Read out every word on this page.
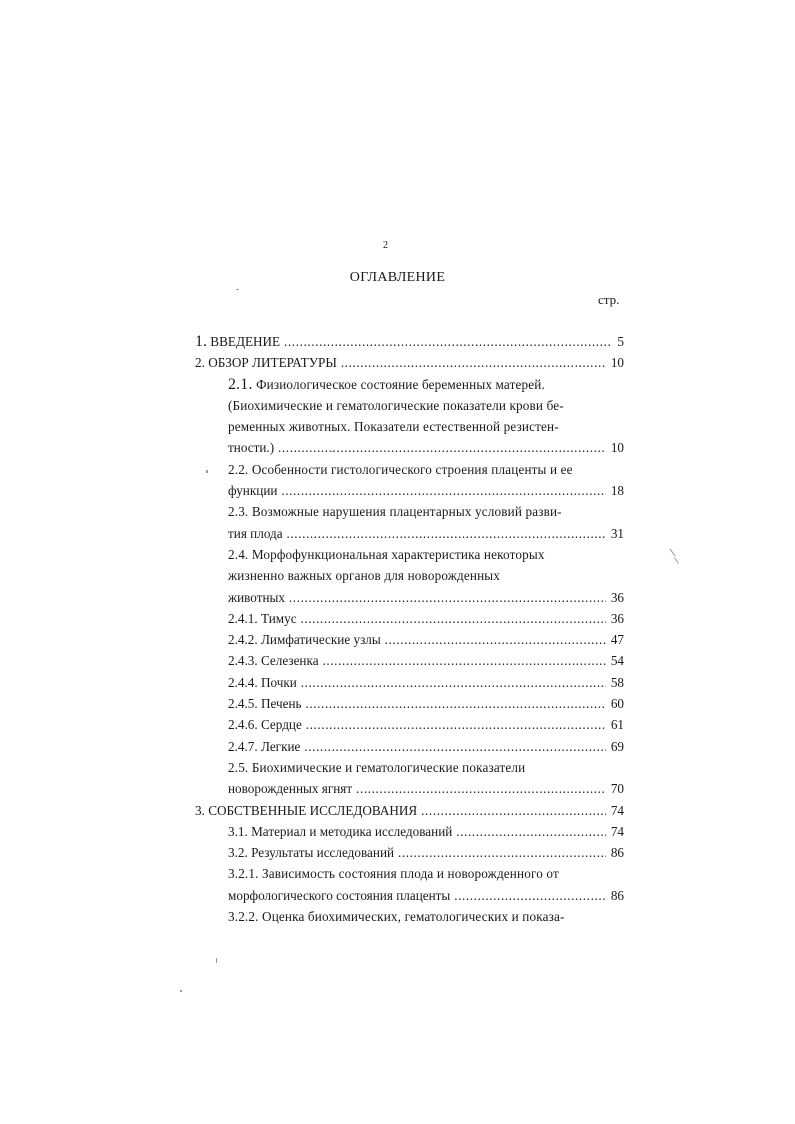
2
ОГЛАВЛЕНИЕ
стр.
1. ВВЕДЕНИЕ .....	5
2. ОБЗОР ЛИТЕРАТУРЫ .....	10
2.1. Физиологическое состояние беременных матерей.
(Биохимические и гематологические показатели крови бе-
ременных животных. Показатели естественной резистен-
тности.) .....	10
2.2. Особенности гистологического строения плаценты и ее
функции .....	18
2.3. Возможные нарушения плацентарных условий разви-
тия плода .....	31
2.4. Морфофункциональная характеристика некоторых
жизненно важных органов для новорожденных
животных .....	36
2.4.1. Тимус .....	36
2.4.2. Лимфатические узлы .....	47
2.4.3. Селезенка .....	54
2.4.4. Почки .....	58
2.4.5. Печень .....	60
2.4.6. Сердце .....	61
2.4.7. Легкие .....	69
2.5. Биохимические и гематологические показатели
новорожденных ягнят .....	70
3. СОБСТВЕННЫЕ ИССЛЕДОВАНИЯ .....	74
3.1. Материал и методика исследований .....	74
3.2. Результаты исследований .....	86
3.2.1. Зависимость состояния плода и новорожденного от
морфологического состояния плаценты .....	86
3.2.2. Оценка биохимических, гематологических и показа-
